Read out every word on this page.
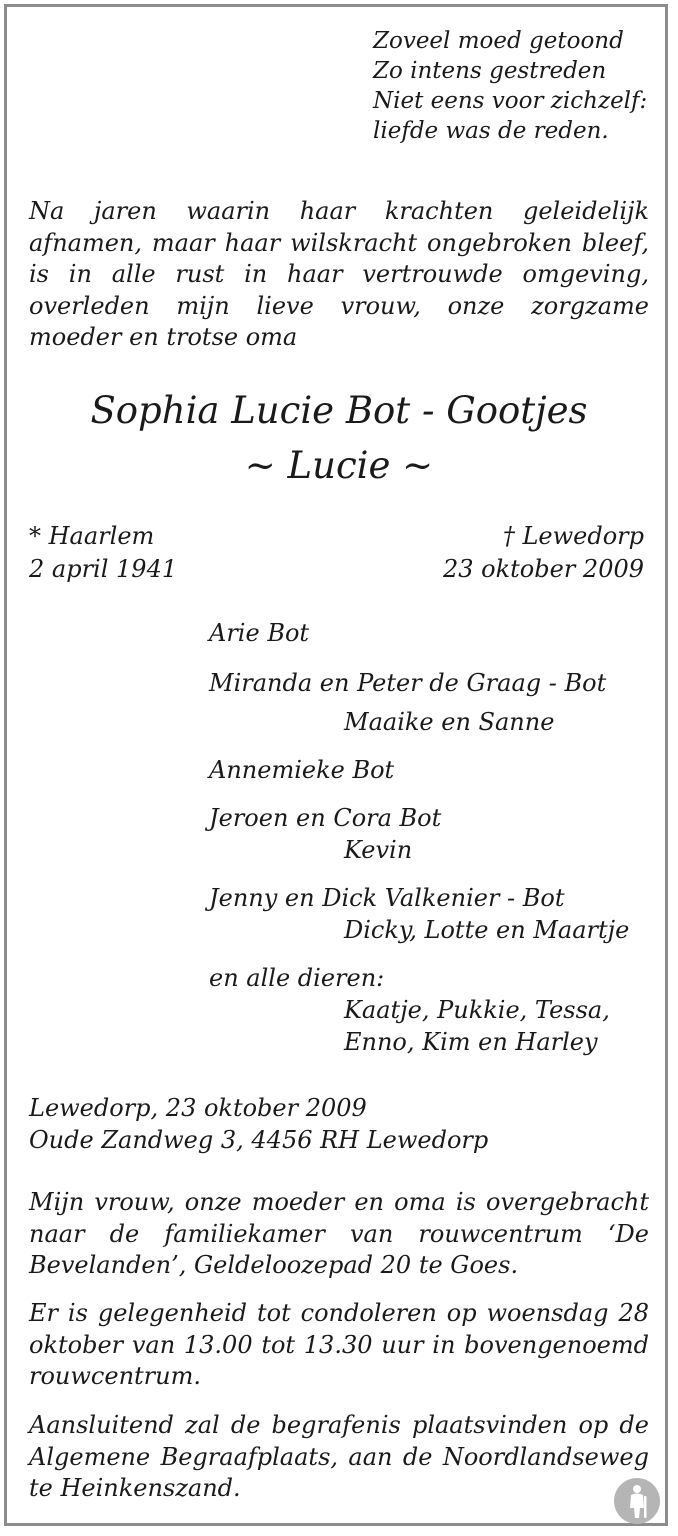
Zoveel moed getoond
Zo intens gestreden
Niet eens voor zichzelf:
liefde was de reden.

Na jaren waarin haar krachten geleidelijk afnamen, maar haar wilskracht ongebroken bleef, is in alle rust in haar vertrouwde omgeving, overleden mijn lieve vrouw, onze zorgzame moeder en trotse oma

Sophia Lucie Bot - Gootjes
~ Lucie ~
* Haarlem
2 april 1941
† Lewedorp
23 oktober 2009
Arie Bot
Miranda en Peter de Graag - Bot
Maaike en Sanne
Annemieke Bot
Jeroen en Cora Bot
Kevin
Jenny en Dick Valkenier - Bot
Dicky, Lotte en Maartje
en alle dieren:
Kaatje, Pukkie, Tessa,
Enno, Kim en Harley
Lewedorp, 23 oktober 2009
Oude Zandweg 3, 4456 RH Lewedorp

Mijn vrouw, onze moeder en oma is overgebracht naar de familiekamer van rouwcentrum ‘De Bevelanden’, Geldeloozepad 20 te Goes.

Er is gelegenheid tot condoleren op woensdag 28 oktober van 13.00 tot 13.30 uur in bovengenoemd rouwcentrum.

Aansluitend zal de begrafenis plaatsvinden op de Algemene Begraafplaats, aan de Noordlandseweg te Heinkenszand.
